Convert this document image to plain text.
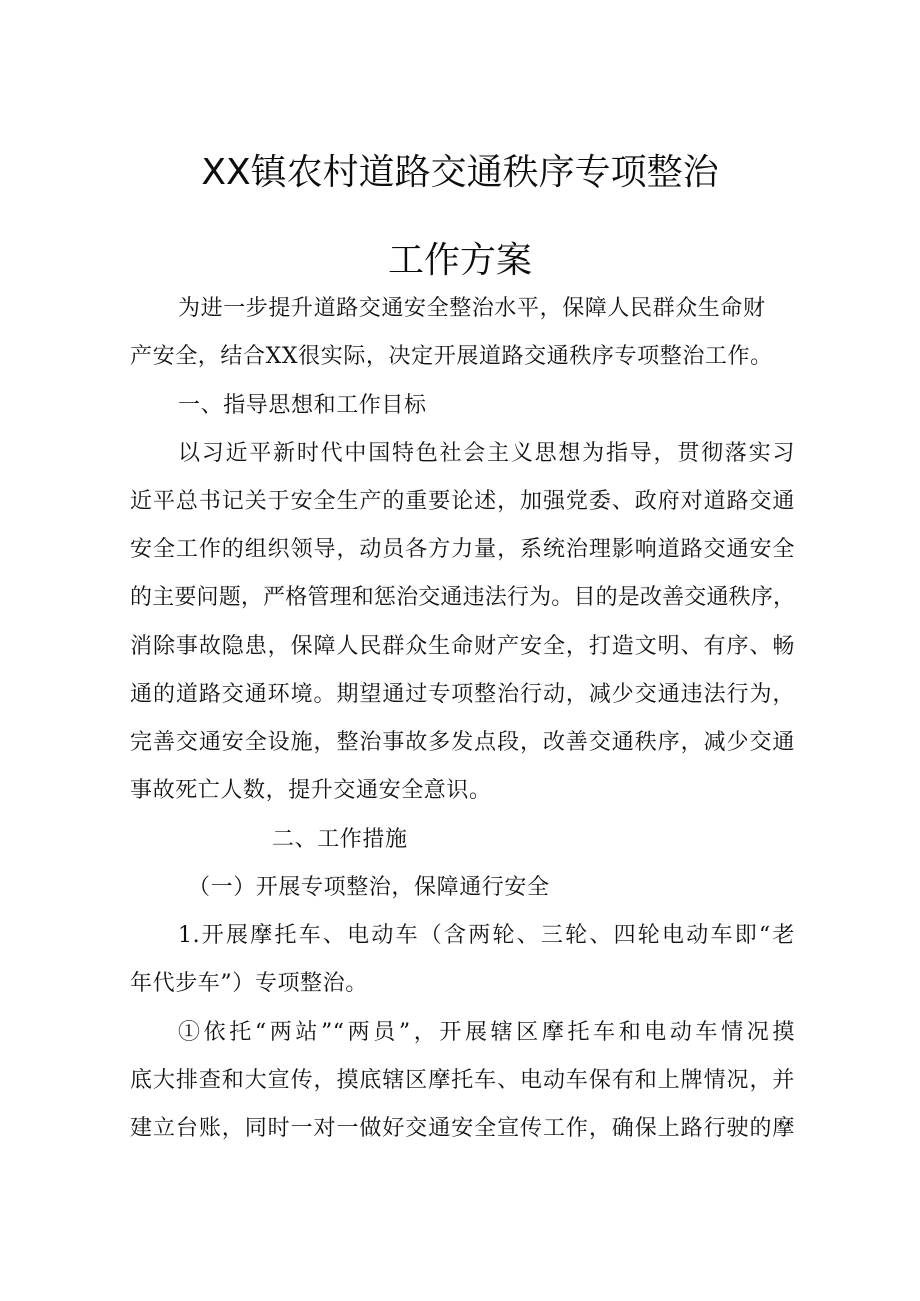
XX镇农村道路交通秩序专项整治
工作方案
为进一步提升道路交通安全整治水平，保障人民群众生命财
产安全，结合XX很实际，决定开展道路交通秩序专项整治工作。
一、指导思想和工作目标
以习近平新时代中国特色社会主义思想为指导，贯彻落实习
近平总书记关于安全生产的重要论述，加强党委、政府对道路交通
安全工作的组织领导，动员各方力量，系统治理影响道路交通安全
的主要问题，严格管理和惩治交通违法行为。目的是改善交通秩序，
消除事故隐患，保障人民群众生命财产安全，打造文明、有序、畅
通的道路交通环境。期望通过专项整治行动，减少交通违法行为，
完善交通安全设施，整治事故多发点段，改善交通秩序，减少交通
事故死亡人数，提升交通安全意识。
二、工作措施
（一）开展专项整治，保障通行安全
1.开展摩托车、电动车（含两轮、三轮、四轮电动车即“老
年代步车”）专项整治。
①依托“两站”“两员”，开展辖区摩托车和电动车情况摸
底大排查和大宣传，摸底辖区摩托车、电动车保有和上牌情况，并
建立台账，同时一对一做好交通安全宣传工作，确保上路行驶的摩
